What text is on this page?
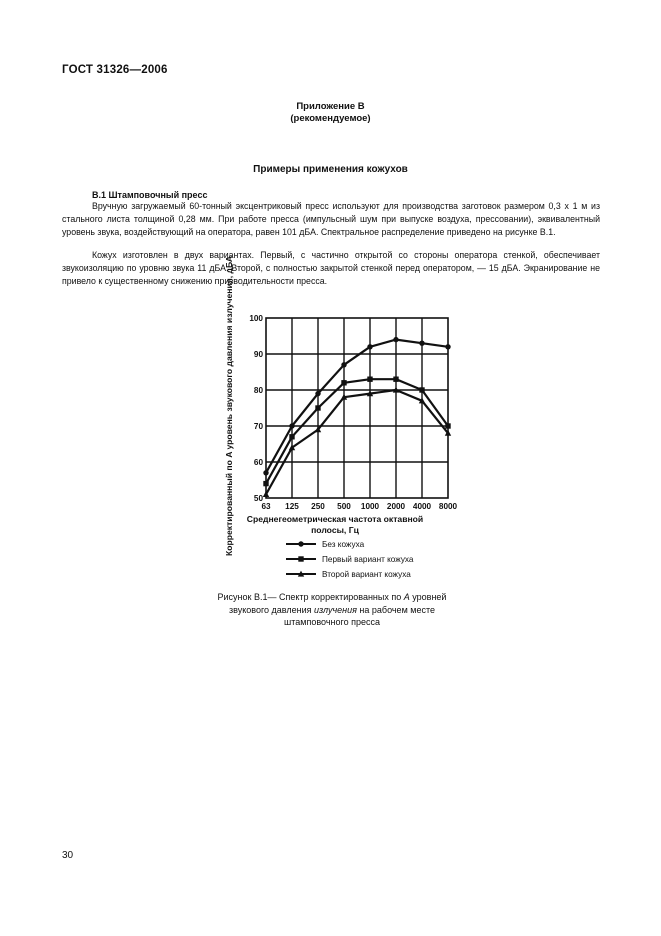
ГОСТ 31326—2006
Приложение В
(рекомендуемое)
Примеры применения кожухов
В.1 Штамповочный пресс

Вручную загружаемый 60-тонный эксцентриковый пресс используют для производства заготовок размером 0,3 х 1 м из стального листа толщиной 0,28 мм. При работе пресса (импульсный шум при выпуске воздуха, прессовании), эквивалентный уровень звука, воздействующий на оператора, равен 101 дБA. Спектральное распределение приведено на рисунке В.1.

Кожух изготовлен в двух вариантах. Первый, с частично открытой со стороны оператора стенкой, обеспечивает звукоизоляцию по уровню звука 11 дБА. Второй, с полностью закрытой стенкой перед оператором, — 15 дБА. Экранирование не привело к существенному снижению призводительности пресса.

50
60
70
80
90
100
63 125 250 500 1000 2000 4000 8000
Корректированный по A уровень звукового давления излучения, дБА Среднегеометрическая частота октавной
полосы, Гц
Без кожуха
Первый вариант кожуха
Второй вариант кожуха
Рисунок В.1— Спектр корректированных по А уровней звукового давления излучения на рабочем месте штамповочного пресса
30
